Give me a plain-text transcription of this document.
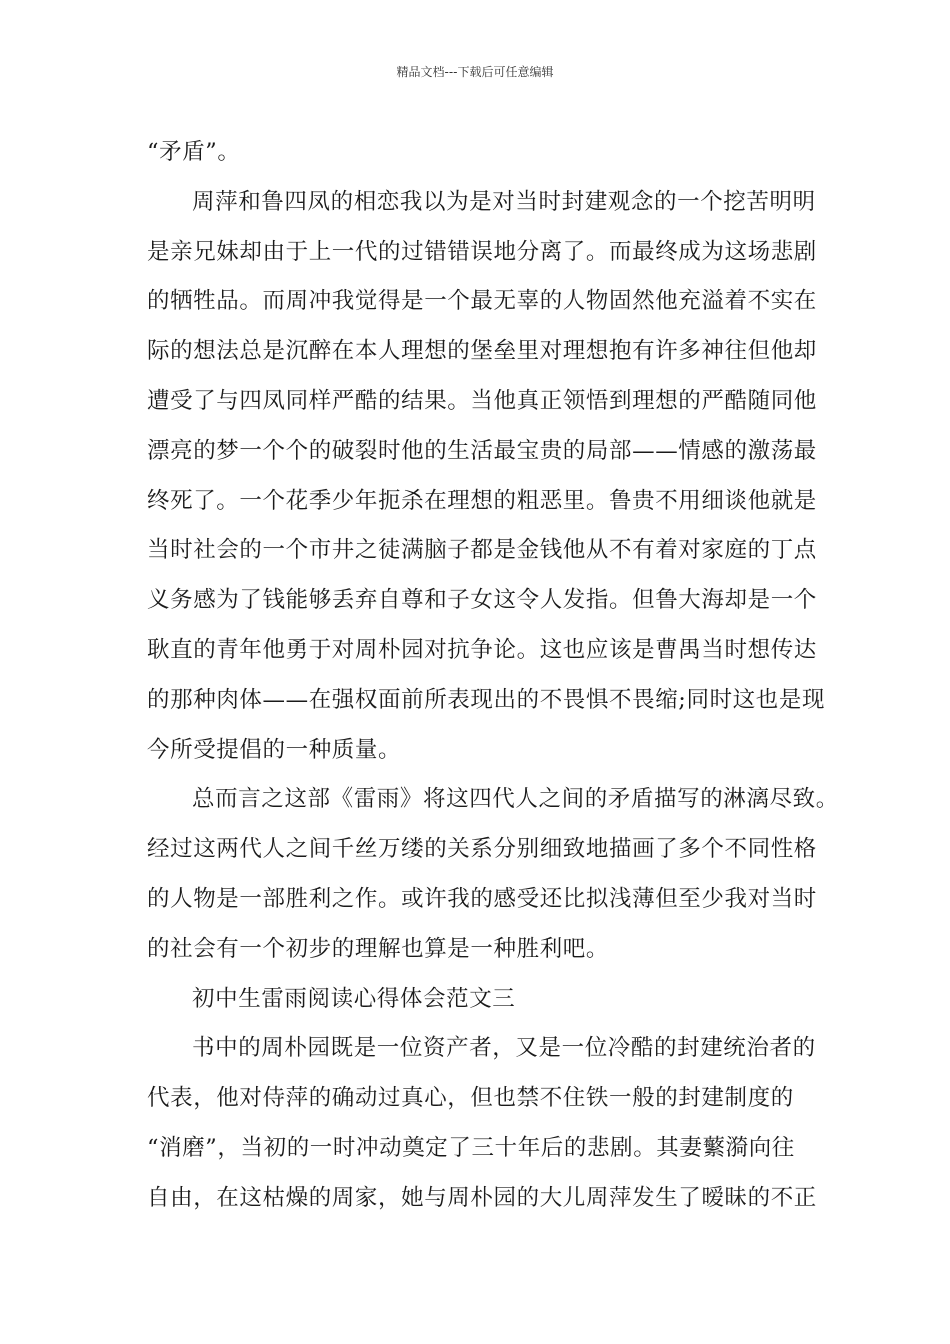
精品文档---下载后可任意编辑
“矛盾”。
周萍和鲁四凤的相恋我以为是对当时封建观念的一个挖苦明明
是亲兄妹却由于上一代的过错错误地分离了。而最终成为这场悲剧
的牺牲品。而周冲我觉得是一个最无辜的人物固然他充溢着不实在
际的想法总是沉醉在本人理想的堡垒里对理想抱有许多神往但他却
遭受了与四凤同样严酷的结果。当他真正领悟到理想的严酷随同他
漂亮的梦一个个的破裂时他的生活最宝贵的局部——情感的激荡最
终死了。一个花季少年扼杀在理想的粗恶里。鲁贵不用细谈他就是
当时社会的一个市井之徒满脑子都是金钱他从不有着对家庭的丁点
义务感为了钱能够丢弃自尊和子女这令人发指。但鲁大海却是一个
耿直的青年他勇于对周朴园对抗争论。这也应该是曹禺当时想传达
的那种肉体——在强权面前所表现出的不畏惧不畏缩;同时这也是现
今所受提倡的一种质量。
总而言之这部《雷雨》将这四代人之间的矛盾描写的淋漓尽致。
经过这两代人之间千丝万缕的关系分别细致地描画了多个不同性格
的人物是一部胜利之作。或许我的感受还比拟浅薄但至少我对当时
的社会有一个初步的理解也算是一种胜利吧。
初中生雷雨阅读心得体会范文三
书中的周朴园既是一位资产者，又是一位冷酷的封建统治者的
代表，他对侍萍的确动过真心，但也禁不住铁一般的封建制度的
“消磨”，当初的一时冲动奠定了三十年后的悲剧。其妻蘩漪向往
自由，在这枯燥的周家，她与周朴园的大儿周萍发生了暧昧的不正
